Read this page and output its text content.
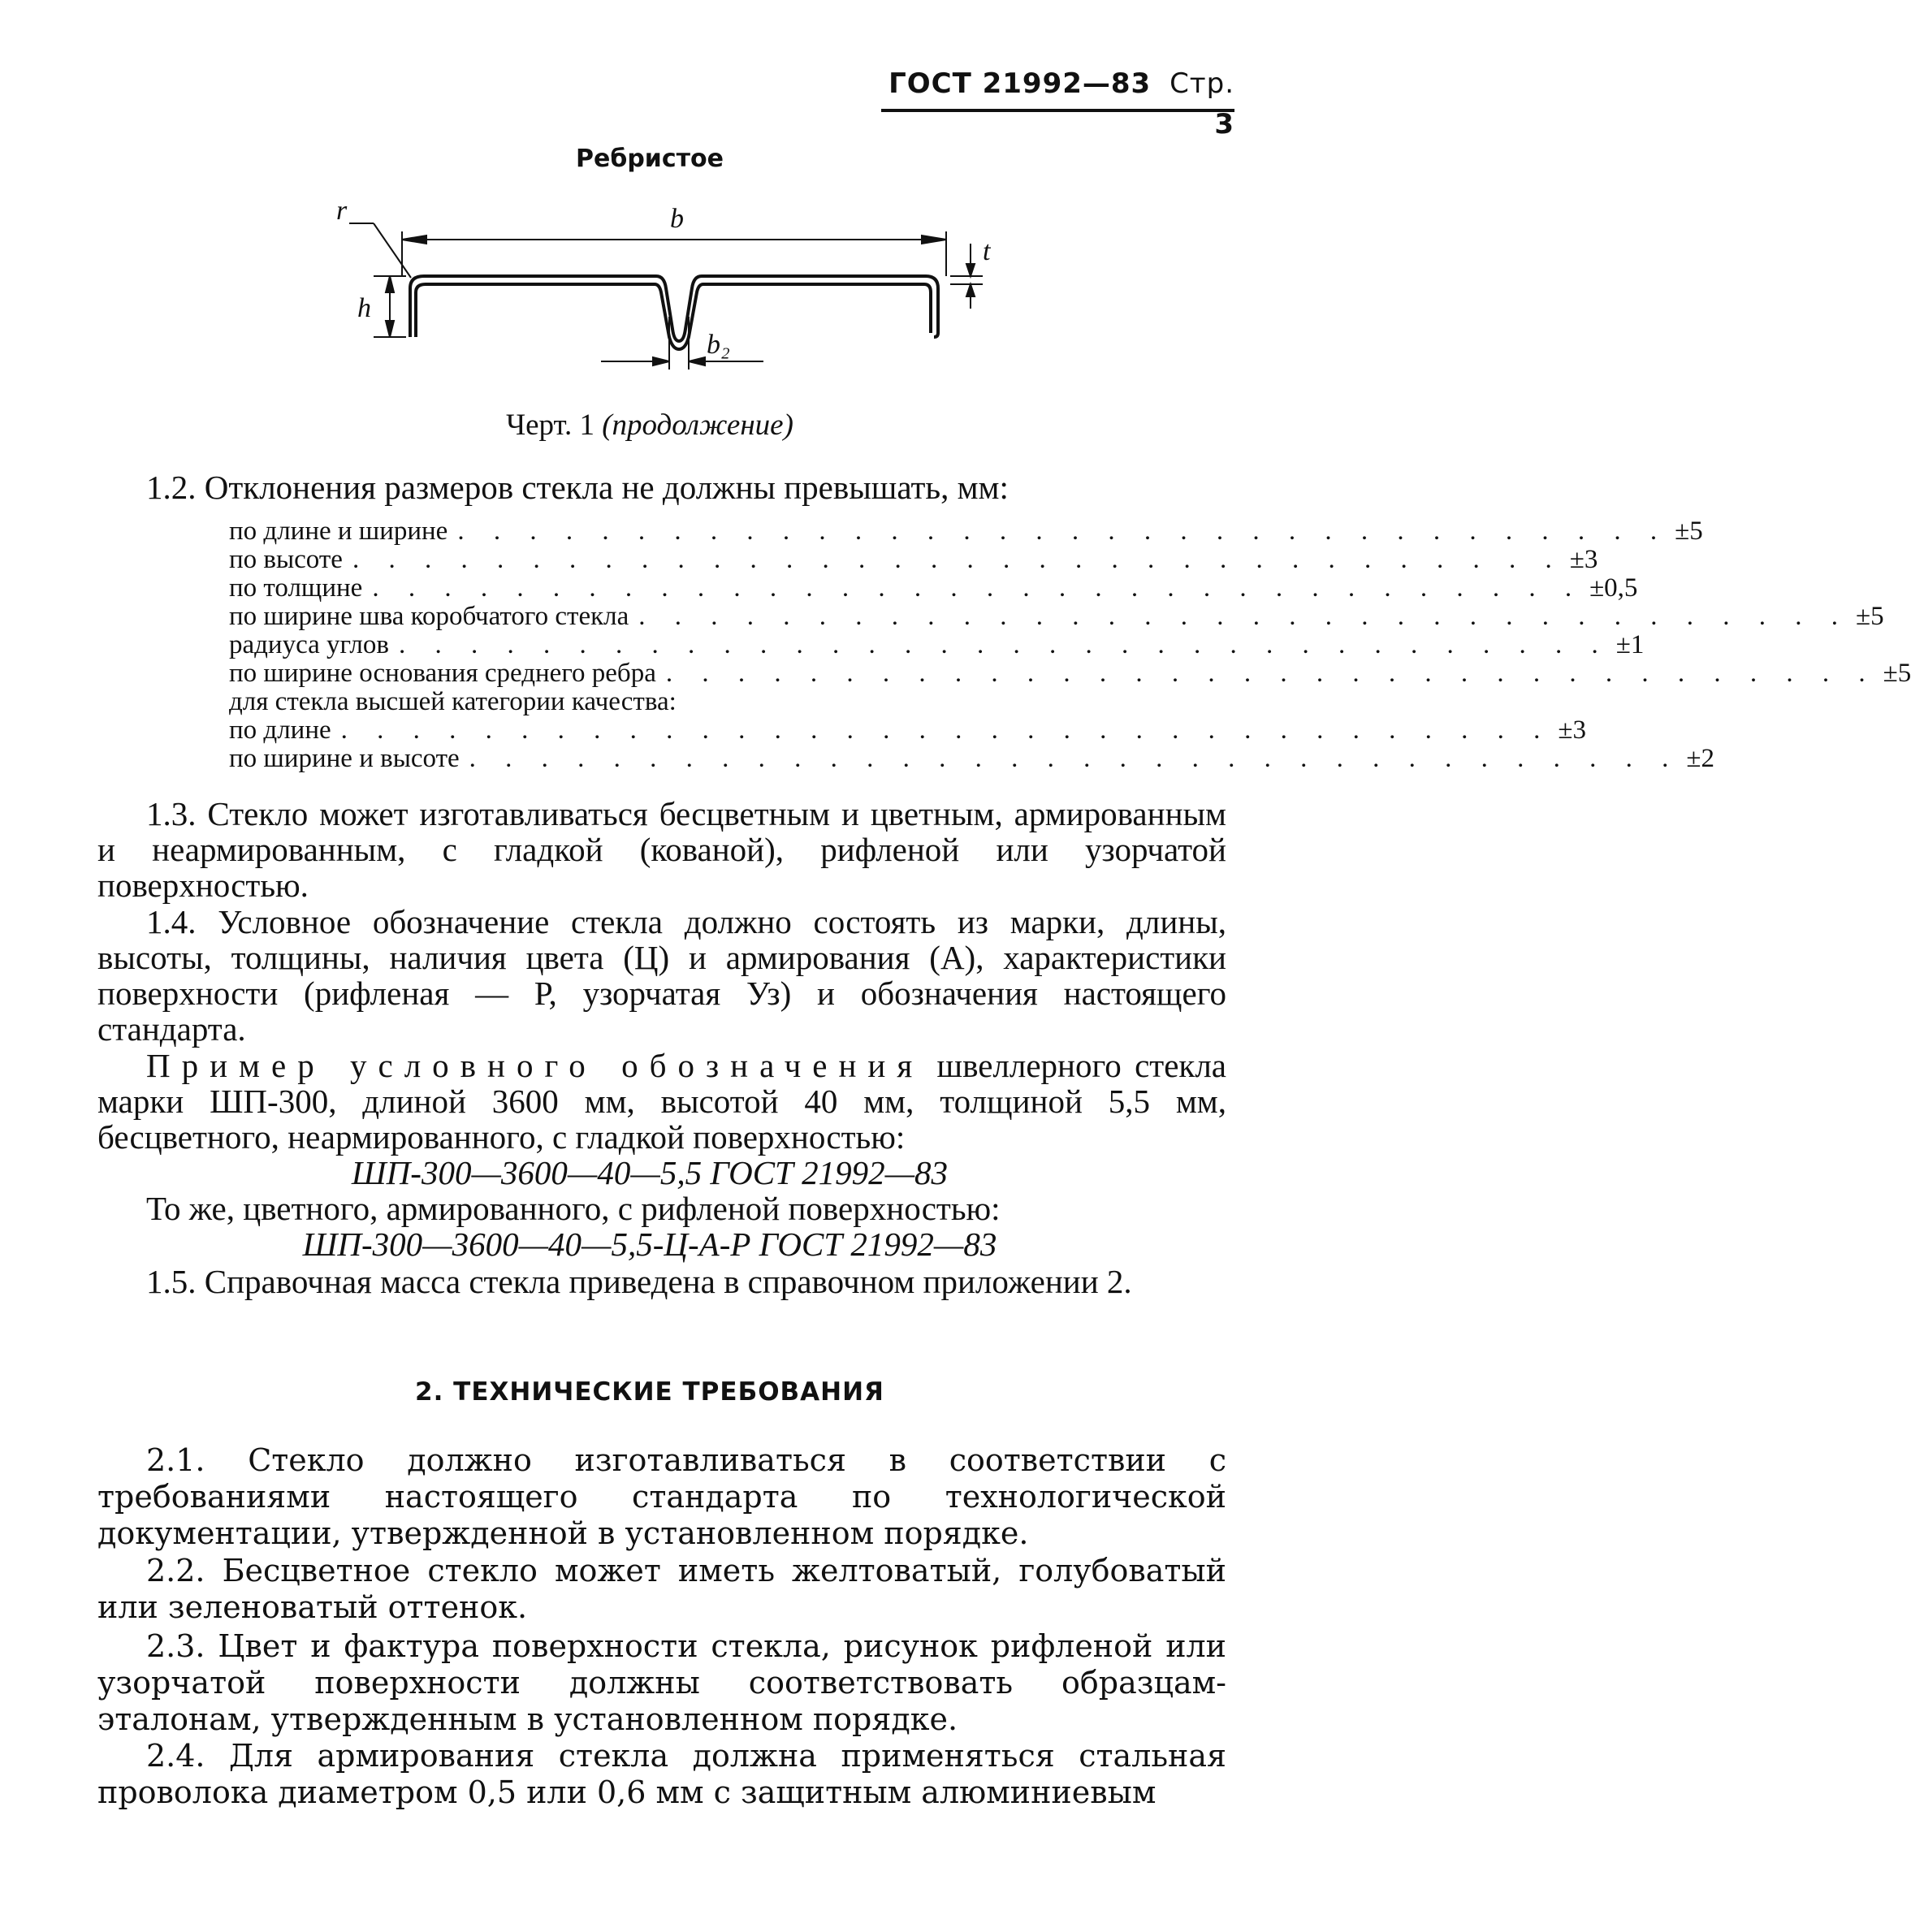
ГОСТ 21992—83 Стр. 3
Ребристое
b
r
h
t
b₂
Черт. 1 (продолжение)

1.2. Отклонения размеров стекла не должны превышать, мм:

по длине и ширине . . . . . . . . . . . . . . . . . . . . . . . . . . . . . . . . . . ±5
по высоте . . . . . . . . . . . . . . . . . . . . . . . . . . . . . . . . . . ±3
по толщине . . . . . . . . . . . . . . . . . . . . . . . . . . . . . . . . . . ±0,5
по ширине шва коробчатого стекла . . . . . . . . . . . . . . . . . . . . . . . . . . . . . . . . . . ±5
радиуса углов . . . . . . . . . . . . . . . . . . . . . . . . . . . . . . . . . . ±1
по ширине основания среднего ребра . . . . . . . . . . . . . . . . . . . . . . . . . . . . . . . . . . ±5
для стекла высшей категории качества:
по длине . . . . . . . . . . . . . . . . . . . . . . . . . . . . . . . . . . ±3
по ширине и высоте . . . . . . . . . . . . . . . . . . . . . . . . . . . . . . . . . . ±2

1.3. Стекло может изготавливаться бесцветным и цветным, армированным и неармированным, с гладкой (кованой), рифленой или узорчатой поверхностью.

1.4. Условное обозначение стекла должно состоять из марки, длины, высоты, толщины, наличия цвета (Ц) и армирования (А), характеристики поверхности (рифленая — Р, узорчатая Уз) и обозначения настоящего стандарта.

Пример условного обозначения швеллерного стекла марки ШП-300, длиной 3600 мм, высотой 40 мм, толщиной 5,5 мм, бесцветного, неармированного, с гладкой поверхностью:

ШП-300—3600—40—5,5 ГОСТ 21992—83

То же, цветного, армированного, с рифленой поверхностью:

ШП-300—3600—40—5,5-Ц-А-Р ГОСТ 21992—83

1.5. Справочная масса стекла приведена в справочном приложении 2.

2. ТЕХНИЧЕСКИЕ ТРЕБОВАНИЯ

2.1. Стекло должно изготавливаться в соответствии с требованиями настоящего стандарта по технологической документации, утвержденной в установленном порядке.

2.2. Бесцветное стекло может иметь желтоватый, голубоватый или зеленоватый оттенок.

2.3. Цвет и фактура поверхности стекла, рисунок рифленой или узорчатой поверхности должны соответствовать образцам-эталонам, утвержденным в установленном порядке.

2.4. Для армирования стекла должна применяться стальная проволока диаметром 0,5 или 0,6 мм с защитным алюминиевым
